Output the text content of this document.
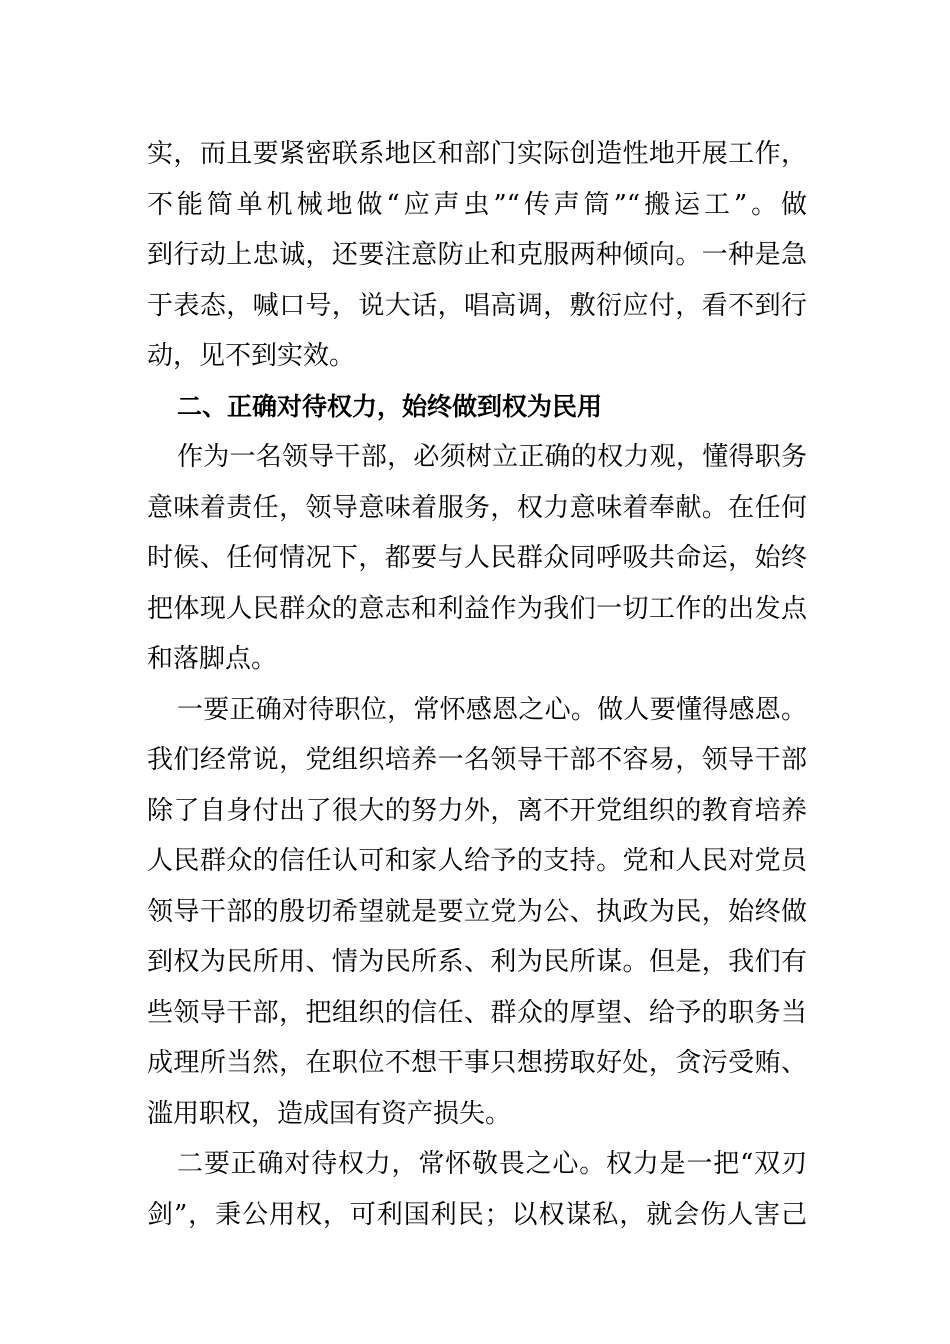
实，而且要紧密联系地区和部门实际创造性地开展工作，
不能简单机械地做“应声虫”“传声筒”“搬运工”。做
到行动上忠诚，还要注意防止和克服两种倾向。一种是急
于表态，喊口号，说大话，唱高调，敷衍应付，看不到行
动，见不到实效。
二、正确对待权力，始终做到权为民用
作为一名领导干部，必须树立正确的权力观，懂得职务
意味着责任，领导意味着服务，权力意味着奉献。在任何
时候、任何情况下，都要与人民群众同呼吸共命运，始终
把体现人民群众的意志和利益作为我们一切工作的出发点
和落脚点。
一要正确对待职位，常怀感恩之心。做人要懂得感恩。
我们经常说，党组织培养一名领导干部不容易，领导干部
除了自身付出了很大的努力外，离不开党组织的教育培养
人民群众的信任认可和家人给予的支持。党和人民对党员
领导干部的殷切希望就是要立党为公、执政为民，始终做
到权为民所用、情为民所系、利为民所谋。但是，我们有
些领导干部，把组织的信任、群众的厚望、给予的职务当
成理所当然，在职位不想干事只想捞取好处，贪污受贿、
滥用职权，造成国有资产损失。
二要正确对待权力，常怀敬畏之心。权力是一把“双刃
剑”，秉公用权，可利国利民；以权谋私，就会伤人害己
